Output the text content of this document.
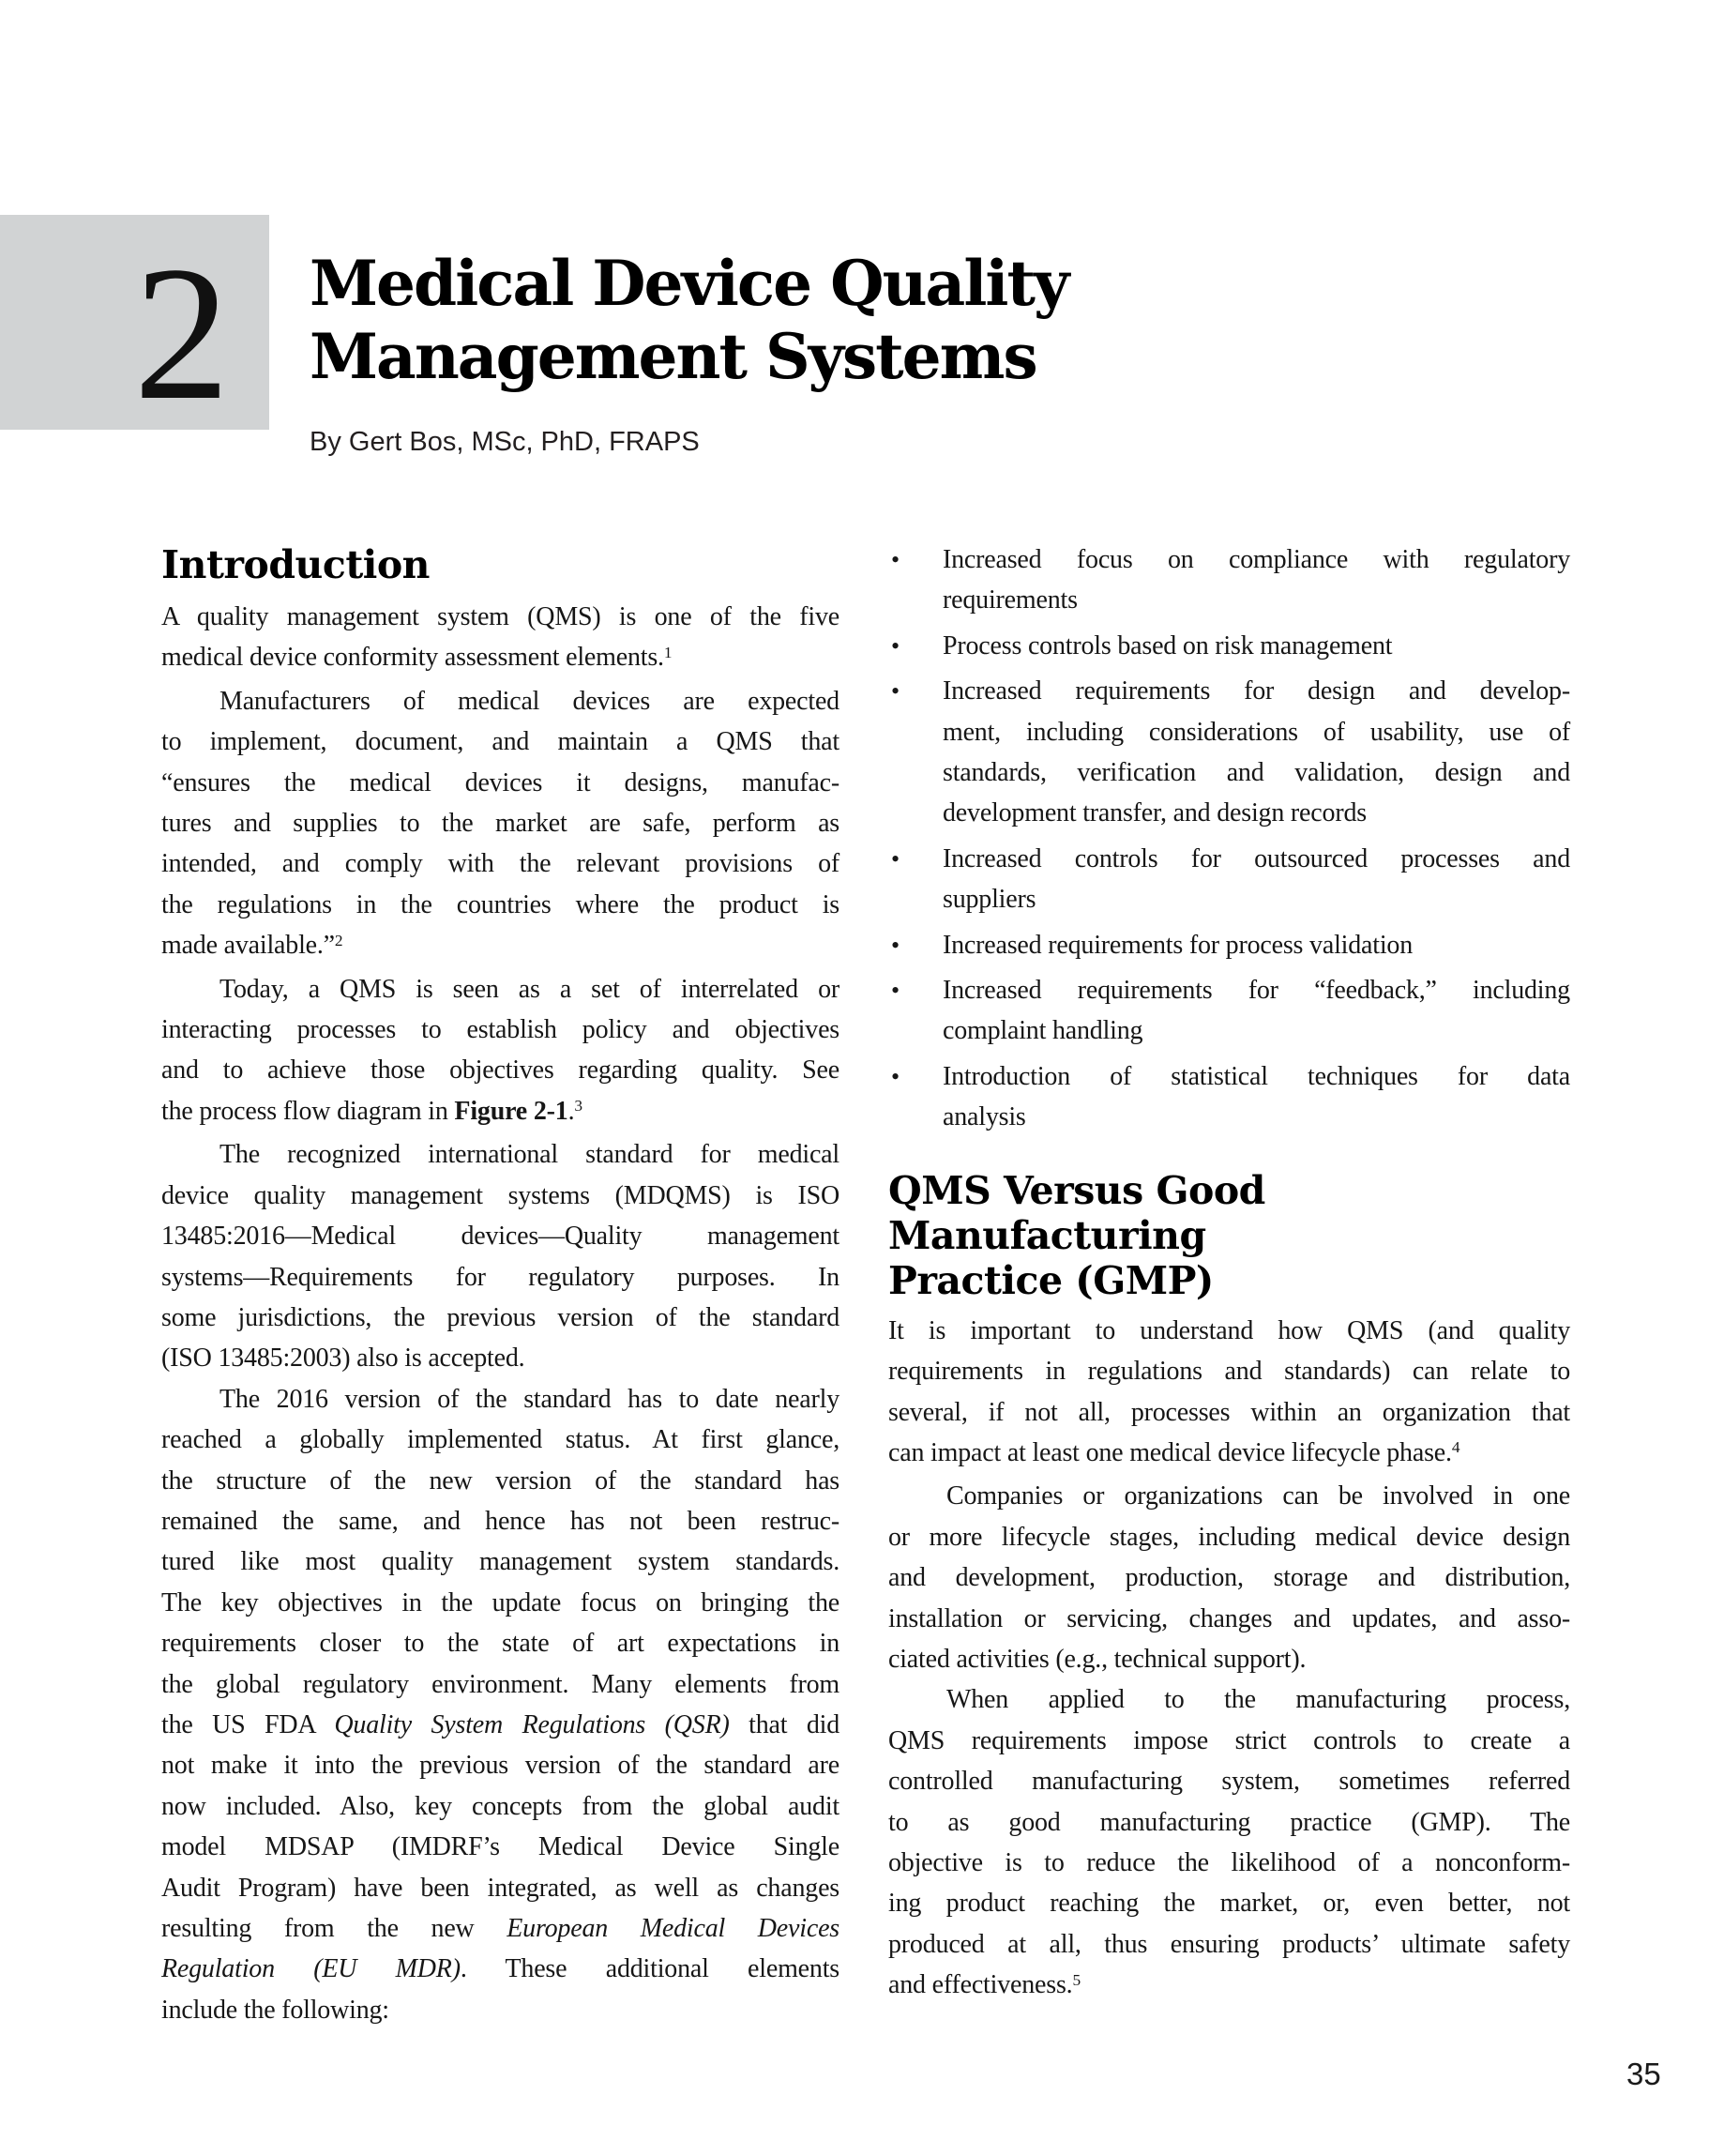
2 Medical Device Quality
Management Systems
By Gert Bos, MSc, PhD, FRAPS
Introduction

A quality management system (QMS) is one of the five
medical device conformity assessment elements.$^1$

Manufacturers of medical devices are expected
to implement, document, and maintain a QMS that
“ensures the medical devices it designs, manufac-
tures and supplies to the market are safe, perform as
intended, and comply with the relevant provisions of
the regulations in the countries where the product is
made available.”$^2$

Today, a QMS is seen as a set of interrelated or
interacting processes to establish policy and objectives
and to achieve those objectives regarding quality. See
the process flow diagram in Figure 2-1.$^3$

The recognized international standard for medical
device quality management systems (MDQMS) is ISO
13485:2016—Medical devices—Quality management
systems—Requirements for regulatory purposes. In
some jurisdictions, the previous version of the standard
(ISO 13485:2003) also is accepted.

The 2016 version of the standard has to date nearly
reached a globally implemented status. At first glance,
the structure of the new version of the standard has
remained the same, and hence has not been restruc-
tured like most quality management system standards.
The key objectives in the update focus on bringing the
requirements closer to the state of art expectations in
the global regulatory environment. Many elements from
the US FDA Quality System Regulations (QSR) that did
not make it into the previous version of the standard are
now included. Also, key concepts from the global audit
model MDSAP (IMDRF’s Medical Device Single
Audit Program) have been integrated, as well as changes
resulting from the new European Medical Devices
Regulation (EU MDR). These additional elements
include the following:

• Increased focus on compliance with regulatory
requirements
• Process controls based on risk management
• Increased requirements for design and develop-
ment, including considerations of usability, use of
standards, verification and validation, design and
development transfer, and design records
• Increased controls for outsourced processes and
suppliers
• Increased requirements for process validation
• Increased requirements for “feedback,” including
complaint handling
• Introduction of statistical techniques for data
analysis
QMS Versus Good Manufacturing
Practice (GMP)

It is important to understand how QMS (and quality
requirements in regulations and standards) can relate to
several, if not all, processes within an organization that
can impact at least one medical device lifecycle phase.$^4$

Companies or organizations can be involved in one
or more lifecycle stages, including medical device design
and development, production, storage and distribution,
installation or servicing, changes and updates, and asso-
ciated activities (e.g., technical support).

When applied to the manufacturing process,
QMS requirements impose strict controls to create a
controlled manufacturing system, sometimes referred
to as good manufacturing practice (GMP). The
objective is to reduce the likelihood of a nonconform-
ing product reaching the market, or, even better, not
produced at all, thus ensuring products’ ultimate safety
and effectiveness.$^5$

35
